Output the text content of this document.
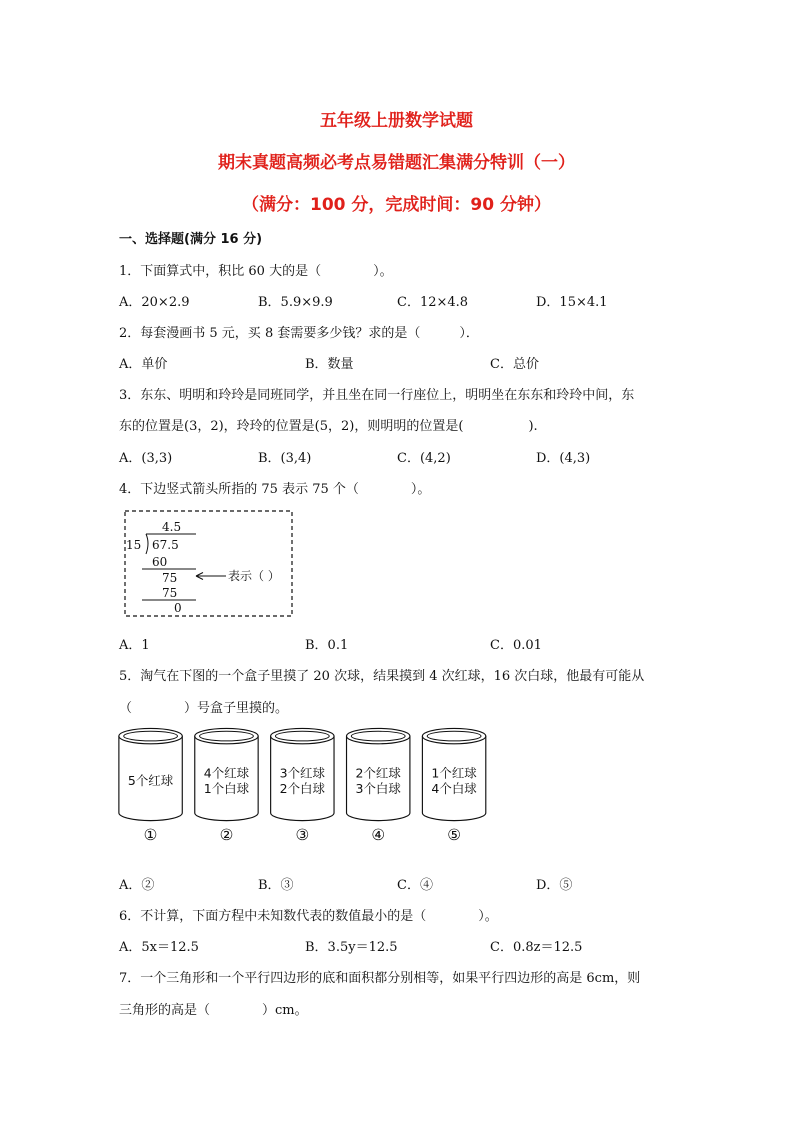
五年级上册数学试题
期末真题高频必考点易错题汇集满分特训（一）
（满分：100 分，完成时间：90 分钟）
一、选择题(满分 16 分)
1．下面算式中，积比 60 大的是（　　　　）。
A．20×2.9	B．5.9×9.9	C．12×4.8	D．15×4.1
2．每套漫画书 5 元，买 8 套需要多少钱？求的是（　　　）．
A．单价	B．数量	C．总价
3．东东、明明和玲玲是同班同学，并且坐在同一行座位上，明明坐在东东和玲玲中间，东
东的位置是(3，2)，玲玲的位置是(5，2)，则明明的位置是(　　　　　).
A．(3,3)	B．(3,4)	C．(4,2)	D．(4,3)
4．下边竖式箭头所指的 75 表示 75 个（　　　　）。
4.5
15 67.5
60
75	表示（ ）
75
0
A．1	B．0.1	C．0.01
5．淘气在下图的一个盒子里摸了 20 次球，结果摸到 4 次红球，16 次白球，他最有可能从
（　　　　）号盒子里摸的。
5个红球
①
4个红球
1个白球
②
3个红球
2个白球
③
2个红球
3个白球
④
1个红球
4个白球
⑤
A．②	B．③	C．④	D．⑤
6．不计算，下面方程中未知数代表的数值最小的是（　　　　）。
A．5x＝12.5	B．3.5y＝12.5	C．0.8z＝12.5
7．一个三角形和一个平行四边形的底和面积都分别相等，如果平行四边形的高是 6cm，则
三角形的高是（　　　　）cm。
